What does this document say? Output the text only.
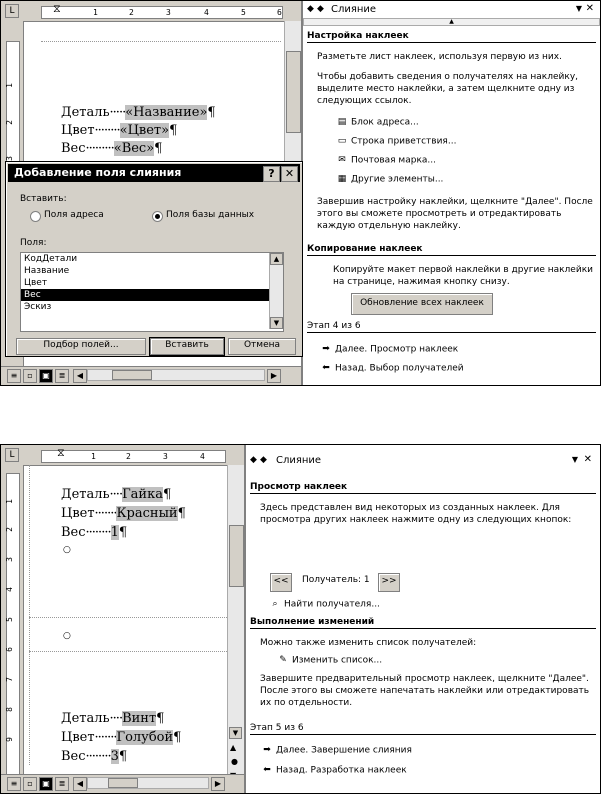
L	⧖	1	2	3	4	5	6
1
2
3
Деталь·····«Название»¶
Цвет········«Цвет»¶
Вес·········«Вес»¶
Добавление поля слияния	? ✕
Вставить:
Поля адреса	Поля базы данных
Поля:
КодДетали
Название
Цвет
Вес
Эскиз
▲
▼
Подбор полей...	Вставить	Отмена
≡	▫	▣	≣	◀	▶
◆ ◆ Слияние	▼ ✕
▲
Настройка наклеек
Разметьте лист наклеек, используя первую из них.
Чтобы добавить сведения о получателях на наклейку, выделите место наклейки, а затем щелкните одну из следующих ссылок.
▤ Блок адреса...
▭ Строка приветствия...
✉ Почтовая марка...
▦ Другие элементы...
Завершив настройку наклейки, щелкните "Далее". После этого вы сможете просмотреть и отредактировать каждую отдельную наклейку.
Копирование наклеек
Копируйте макет первой наклейки в другие наклейки на странице, нажимая кнопку снизу.
Обновление всех наклеек
Этап 4 из 6
➡ Далее. Просмотр наклеек
⬅ Назад. Выбор получателей
L	⧖	1	2	3	4
1
2
3
4
5
6
7
8
9
Деталь····Гайка¶
Цвет·······Красный¶
Вес········1¶
○
○
Деталь····Винт¶
Цвет·······Голубой¶
Вес········3¶
▼
▲
●
≡	▫	▣	≣	◀	▶
◆ ◆ Слияние	▼ ✕
Просмотр наклеек
Здесь представлен вид некоторых из созданных наклеек. Для просмотра других наклеек нажмите одну из следующих кнопок:
<<	Получатель: 1	>>
⌕ Найти получателя...
Выполнение изменений
Можно также изменить список получателей:
✎ Изменить список...
Завершите предварительный просмотр наклеек, щелкните "Далее". После этого вы сможете напечатать наклейки или отредактировать их по отдельности.
Этап 5 из 6
➡ Далее. Завершение слияния
⬅ Назад. Разработка наклеек
